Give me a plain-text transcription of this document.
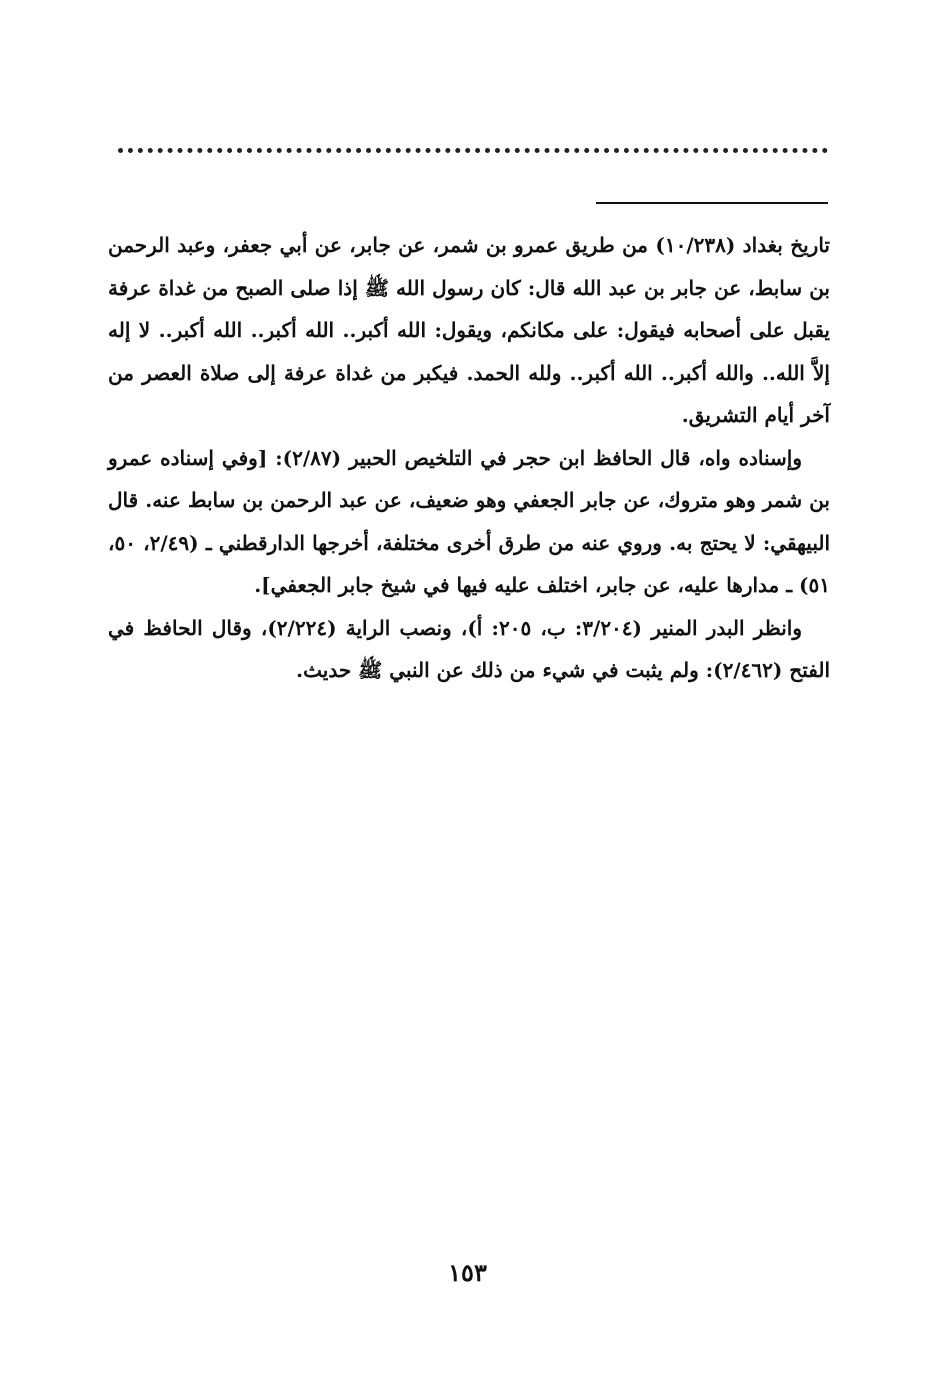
تاريخ بغداد (١٠/٢٣٨) من طريق عمرو بن شمر، عن جابر، عن أبي جعفر، وعبد الرحمن بن سابط، عن جابر بن عبد الله قال: كان رسول الله ﷺ إذا صلى الصبح من غداة عرفة يقبل على أصحابه فيقول: على مكانكم، ويقول: الله أكبر.. الله أكبر.. الله أكبر.. لا إله إلاَّ الله.. والله أكبر.. الله أكبر.. ولله الحمد. فيكبر من غداة عرفة إلى صلاة العصر من آخر أيام التشريق.

وإسناده واه، قال الحافظ ابن حجر في التلخيص الحبير (٢/٨٧): [وفي إسناده عمرو بن شمر وهو متروك، عن جابر الجعفي وهو ضعيف، عن عبد الرحمن بن سابط عنه. قال البيهقي: لا يحتج به. وروي عنه من طرق أخرى مختلفة، أخرجها الدارقطني ـ (٢/٤٩، ٥٠، ٥١) ـ مدارها عليه، عن جابر، اختلف عليه فيها في شيخ جابر الجعفي].

وانظر البدر المنير (٣/٢٠٤: ب، ٢٠٥: أ)، ونصب الراية (٢/٢٢٤)، وقال الحافظ في الفتح (٢/٤٦٢): ولم يثبت في شيء من ذلك عن النبي ﷺ حديث.

١٥٣
